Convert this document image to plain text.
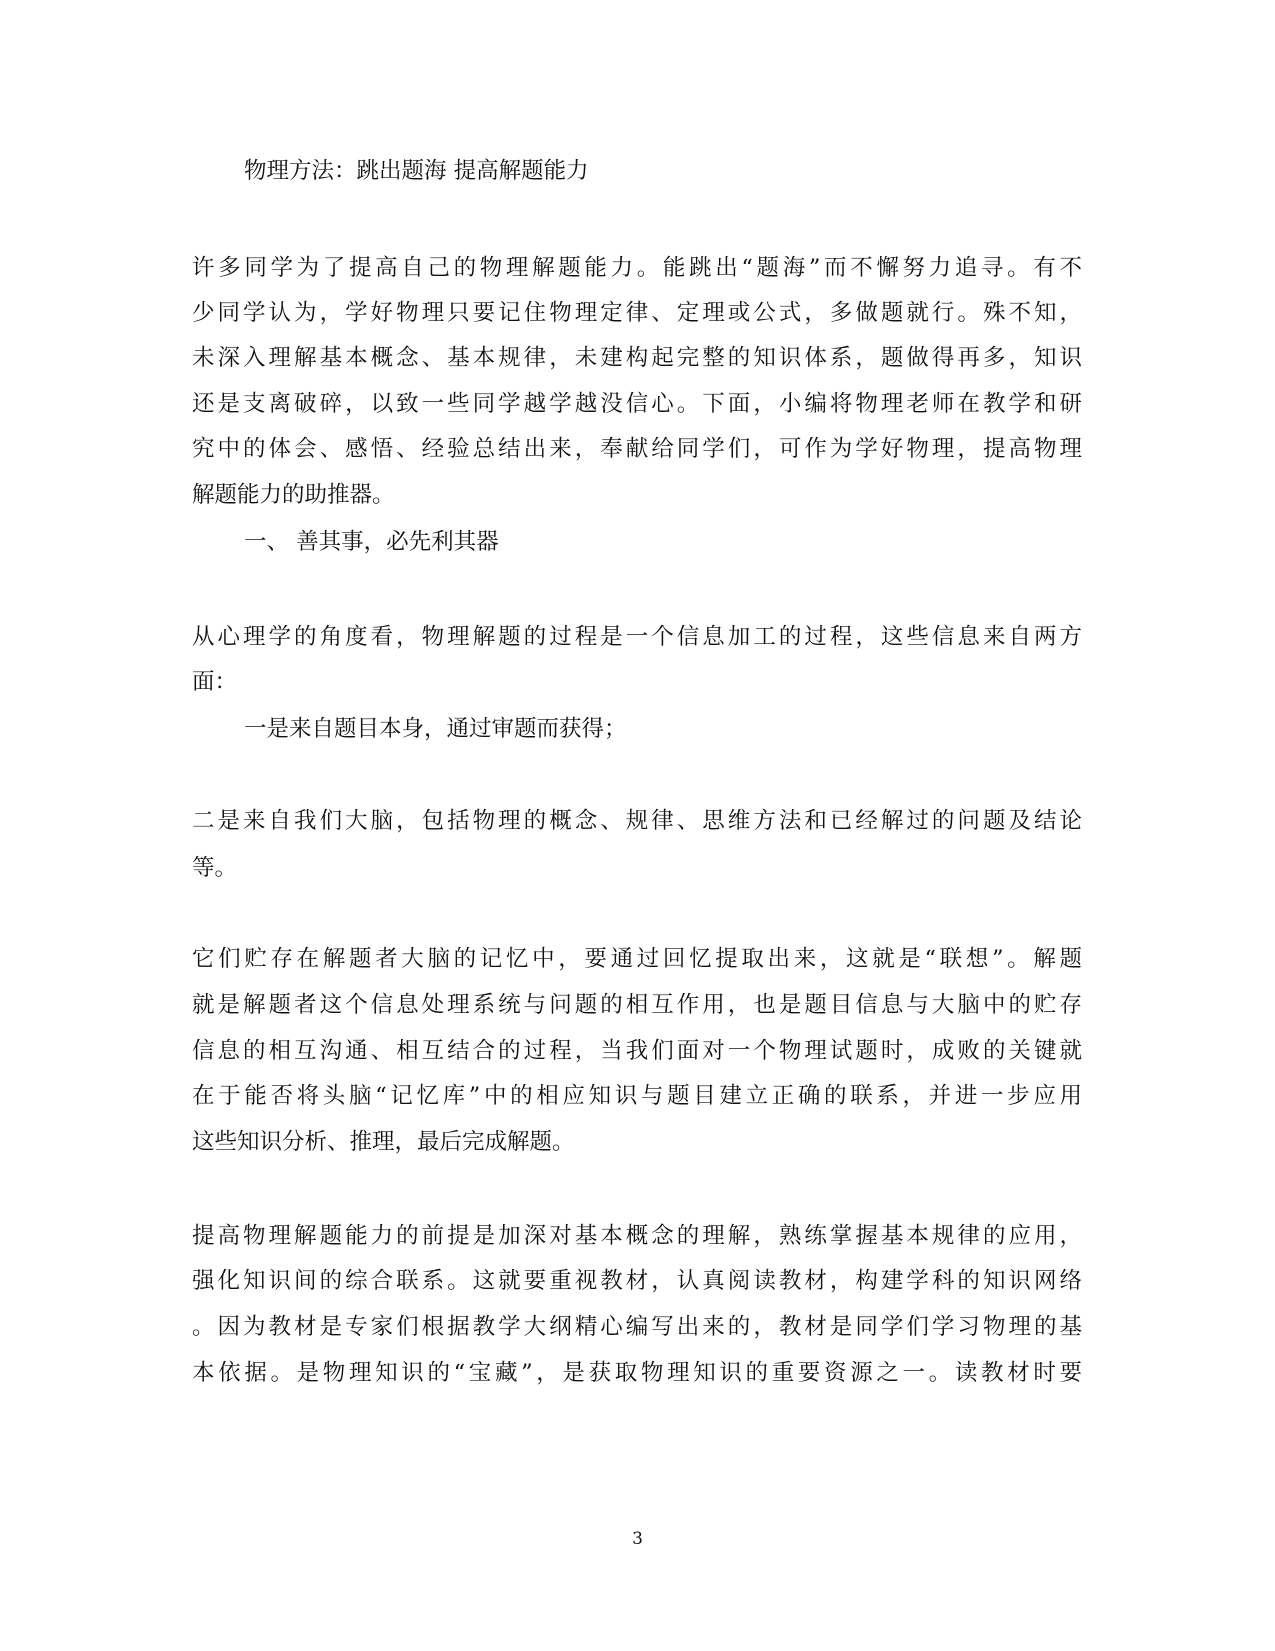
物理方法：跳出题海 提高解题能力
许多同学为了提高自己的物理解题能力。能跳出“题海”而不懈努力追寻。有不
少同学认为，学好物理只要记住物理定律、定理或公式，多做题就行。殊不知，
未深入理解基本概念、基本规律，未建构起完整的知识体系，题做得再多，知识
还是支离破碎，以致一些同学越学越没信心。下面，小编将物理老师在教学和研
究中的体会、感悟、经验总结出来，奉献给同学们，可作为学好物理，提高物理
解题能力的助推器。
一、 善其事，必先利其器
从心理学的角度看，物理解题的过程是一个信息加工的过程，这些信息来自两方
面：
一是来自题目本身，通过审题而获得；
二是来自我们大脑，包括物理的概念、规律、思维方法和已经解过的问题及结论
等。
它们贮存在解题者大脑的记忆中，要通过回忆提取出来，这就是“联想”。解题
就是解题者这个信息处理系统与问题的相互作用，也是题目信息与大脑中的贮存
信息的相互沟通、相互结合的过程，当我们面对一个物理试题时，成败的关键就
在于能否将头脑“记忆库”中的相应知识与题目建立正确的联系，并进一步应用
这些知识分析、推理，最后完成解题。
提高物理解题能力的前提是加深对基本概念的理解，熟练掌握基本规律的应用，
强化知识间的综合联系。这就要重视教材，认真阅读教材，构建学科的知识网络
。因为教材是专家们根据教学大纲精心编写出来的，教材是同学们学习物理的基
本依据。是物理知识的“宝藏”，是获取物理知识的重要资源之一。读教材时要
3
